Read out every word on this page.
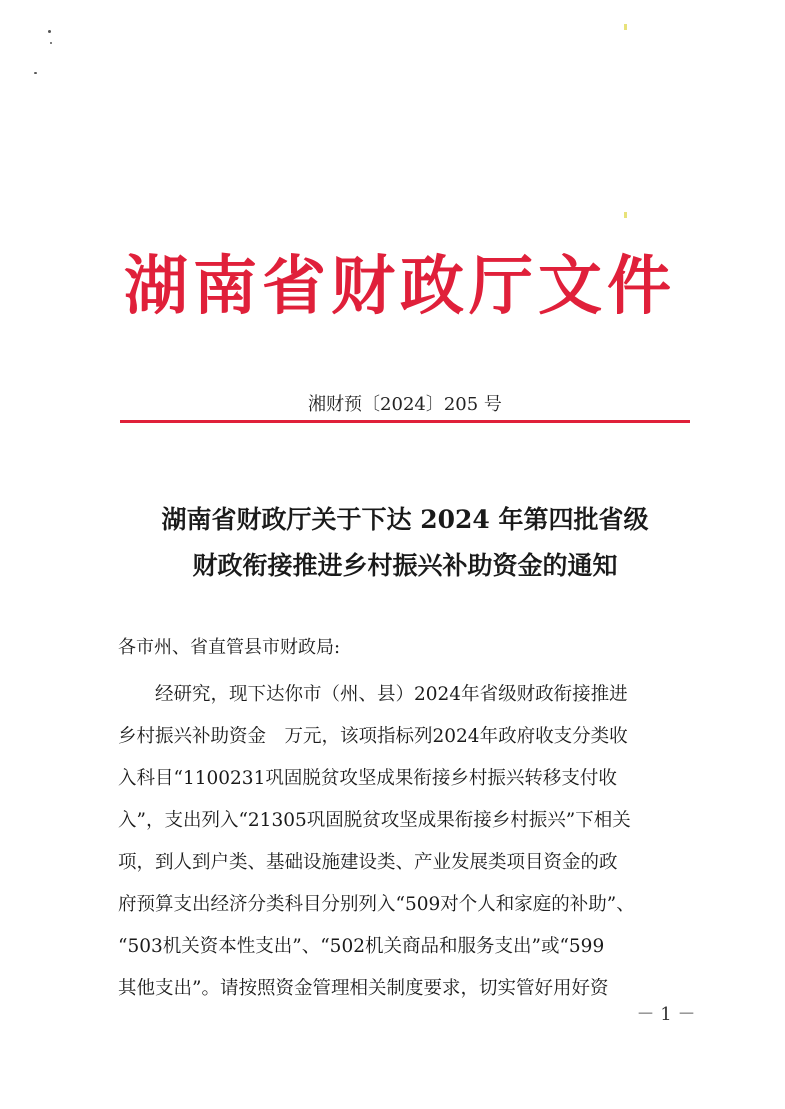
湖南省财政厅文件
湘财预〔2024〕205 号
湖南省财政厅关于下达 2024 年第四批省级
财政衔接推进乡村振兴补助资金的通知
各市州、省直管县市财政局:
经研究，现下达你市（州、县）2024年省级财政衔接推进
乡村振兴补助资金　万元，该项指标列2024年政府收支分类收
入科目“1100231巩固脱贫攻坚成果衔接乡村振兴转移支付收
入”，支出列入“21305巩固脱贫攻坚成果衔接乡村振兴”下相关
项，到人到户类、基础设施建设类、产业发展类项目资金的政
府预算支出经济分类科目分别列入“509对个人和家庭的补助”、
“503机关资本性支出”、“502机关商品和服务支出”或“599
其他支出”。请按照资金管理相关制度要求，切实管好用好资
－ 1 －
